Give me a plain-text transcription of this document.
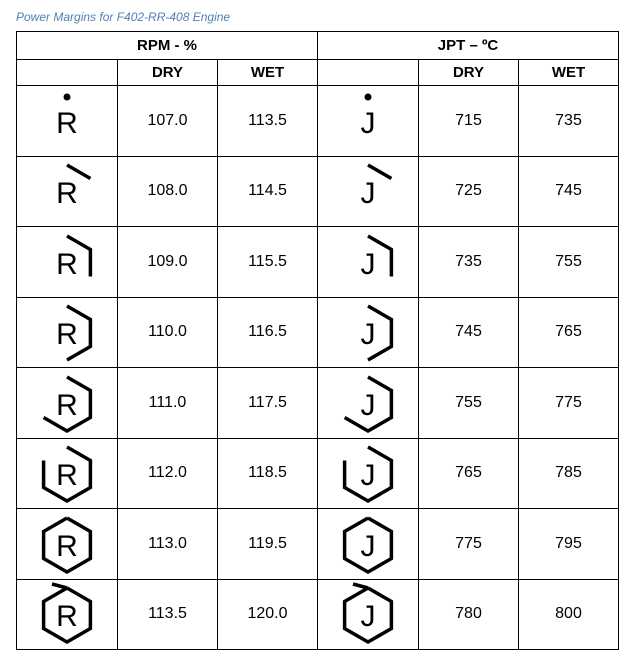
Power Margins for F402-RR-408 Engine
RPM - %			JPT – ºC		
	DRY	WET		DRY	WET

R	107.0	113.5	J	715	735

R	108.0	114.5	J	725	745

R	109.0	115.5	J	735	755

R	110.0	116.5	J	745	765

R	111.0	117.5	J	755	775

R	112.0	118.5	J	765	785

R	113.0	119.5	J	775	795

R	113.5	120.0	J	780	800
